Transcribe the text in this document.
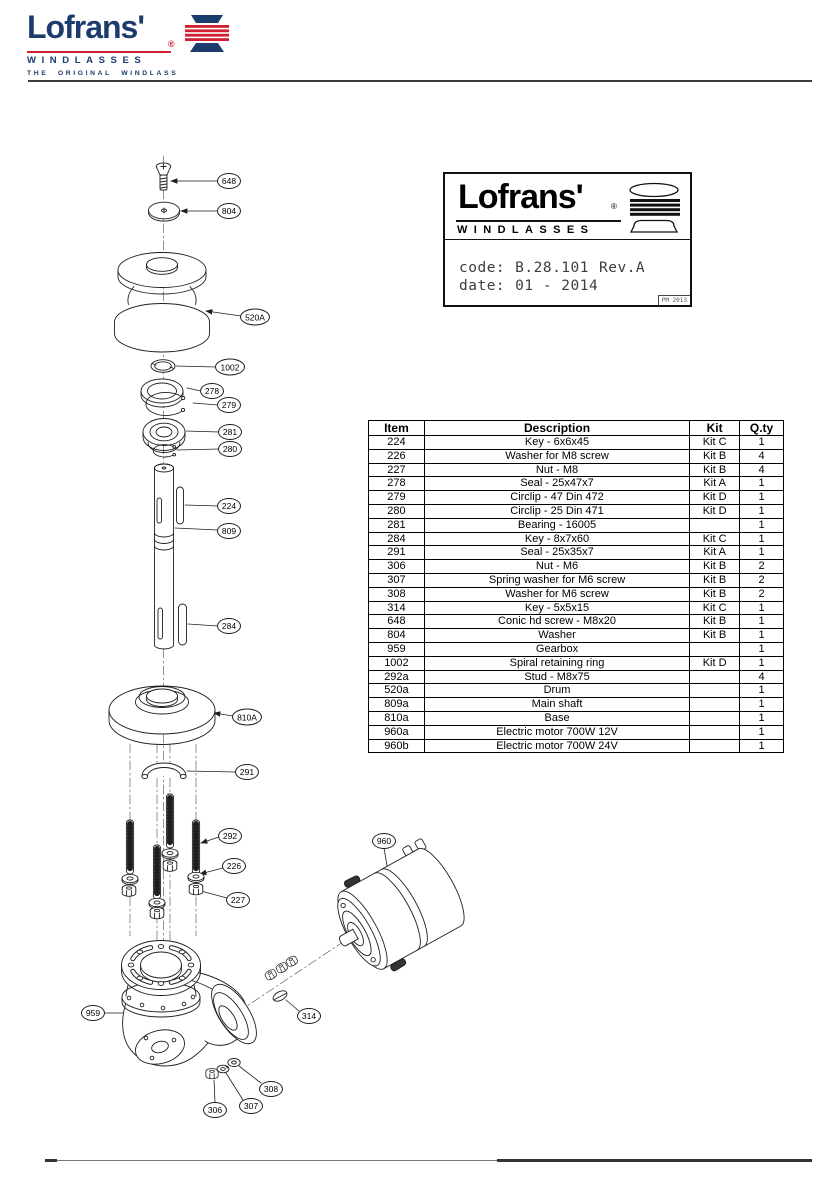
Lofrans'	®
WINDLASSES
THE ORIGINAL WINDLASS
648
804
520A
1002
278
279
281
280
224
809
284
810A
291
292
226
227
959	314
960
308
307
306
Lofrans'	®
WINDLASSES
code: B.28.101 Rev.A
date: 01 - 2014
PM 2013
Item	Description	Kit	Q.ty
224	Key - 6x6x45	Kit C	1
226	Washer for M8 screw	Kit B	4
227	Nut - M8	Kit B	4
278	Seal - 25x47x7	Kit A	1
279	Circlip - 47 Din 472	Kit D	1
280	Circlip - 25 Din 471	Kit D	1
281	Bearing - 16005		1
284	Key - 8x7x60	Kit C	1
291	Seal - 25x35x7	Kit A	1
306	Nut - M6	Kit B	2
307	Spring washer for M6 screw	Kit B	2
308	Washer for M6 screw	Kit B	2
314	Key - 5x5x15	Kit C	1
648	Conic hd screw - M8x20	Kit B	1
804	Washer	Kit B	1
959	Gearbox		1
1002	Spiral retaining ring	Kit D	1
292a	Stud - M8x75		4
520a	Drum		1
809a	Main shaft		1
810a	Base		1
960a	Electric motor 700W 12V		1
960b	Electric motor 700W 24V		1
